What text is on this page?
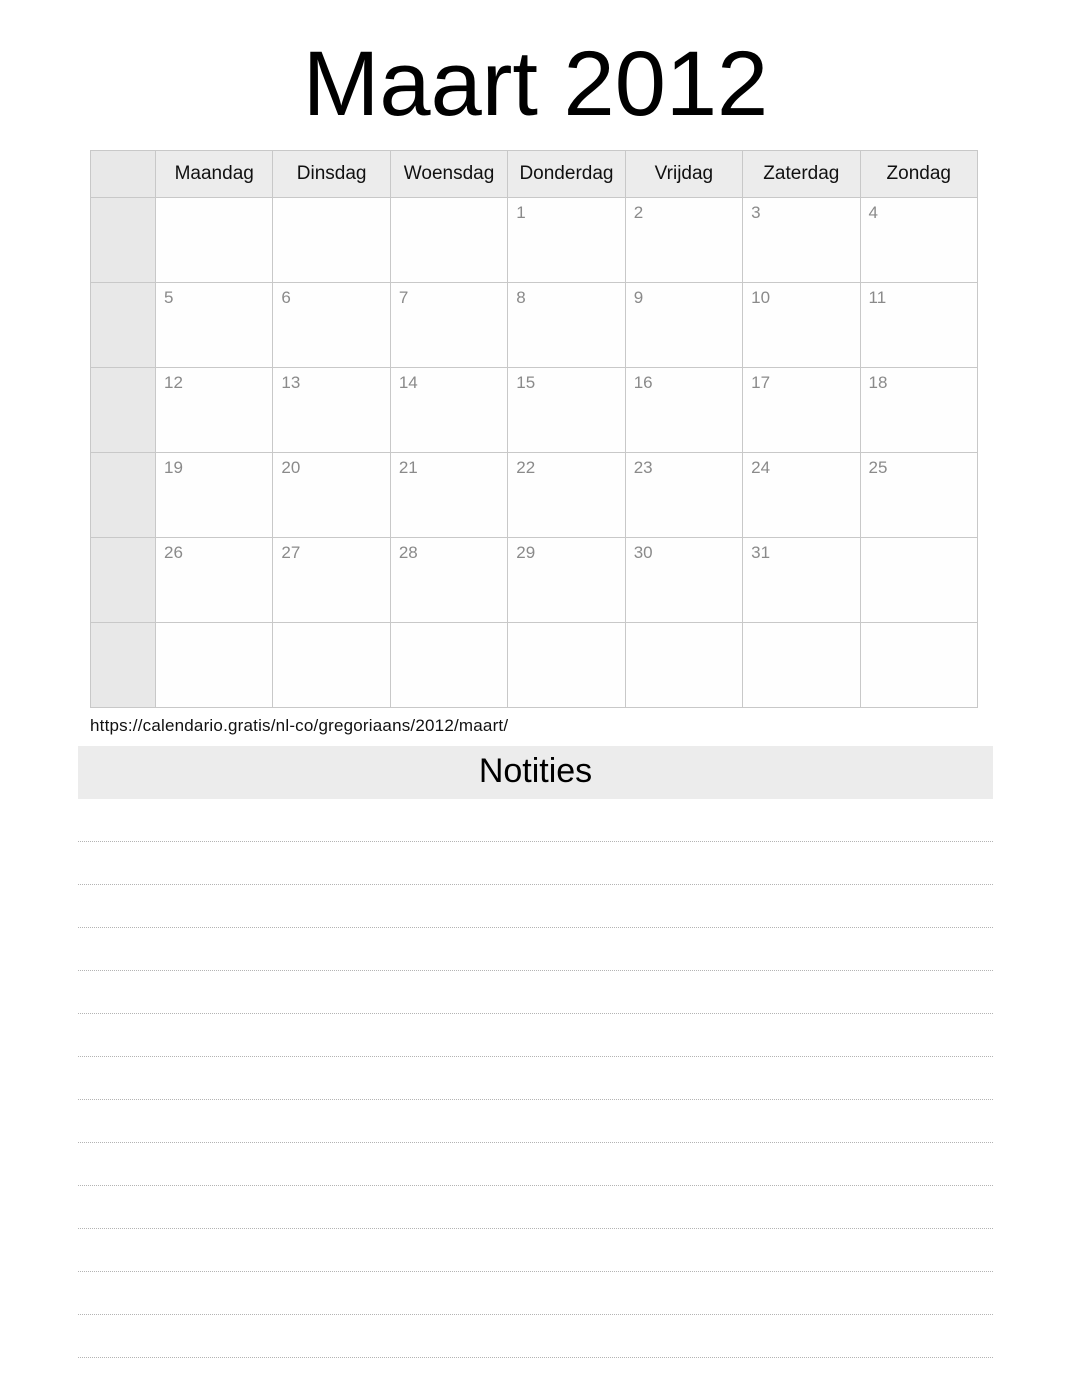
Maart 2012
	Maandag	Dinsdag	Woensdag	Donderdag	Vrijdag	Zaterdag	Zondag

				1	2	3	4

	5	6	7	8	9	10	11

	12	13	14	15	16	17	18

	19	20	21	22	23	24	25

	26	27	28	29	30	31	

https://calendario.gratis/nl-co/gregoriaans/2012/maart/
Notities
